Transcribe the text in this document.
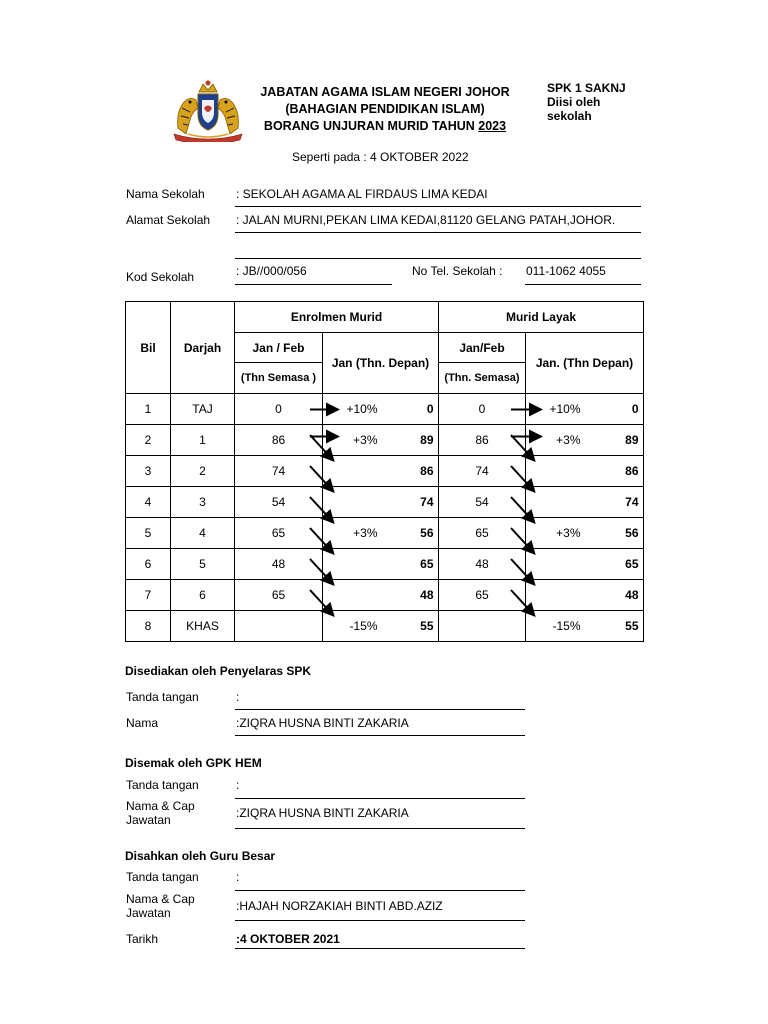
JABATAN AGAMA ISLAM NEGERI JOHOR
(BAHAGIAN PENDIDIKAN ISLAM)
BORANG UNJURAN MURID TAHUN 2023
SPK 1 SAKNJ
Diisi oleh
sekolah
Seperti pada : 4 OKTOBER 2022
Nama Sekolah	: SEKOLAH AGAMA AL FIRDAUS LIMA KEDAI
Alamat Sekolah : JALAN MURNI,PEKAN LIMA KEDAI,81120 GELANG PATAH,JOHOR.
Kod Sekolah	: JB//000/056	No Tel. Sekolah : 011-1062 4055
Bil	Darjah	Enrolmen Murid		Murid Layak	
		Jan / Feb	Jan (Thn. Depan)	Jan/Feb	Jan. (Thn Depan)
		(Thn Semasa )		(Thn. Semasa)	
1	TAJ	0	+10% 0	0	+10% 0
2	1	86	+3% 89	86	+3% 89
3	2	74	86	74	86
4	3	54	74	54	74
5	4	65	+3% 56	65	+3% 56
6	5	48	65	48	65
7	6	65	48	65	48
8	KHAS		-15% 55		-15% 55
Disediakan oleh Penyelaras SPK
Tanda tangan	:
Nama	:ZIQRA HUSNA BINTI ZAKARIA
Disemak oleh GPK HEM
Tanda tangan	:
Nama & Cap
Jawatan	:ZIQRA HUSNA BINTI ZAKARIA
Disahkan oleh Guru Besar
Tanda tangan	:
Nama & Cap
Jawatan	:HAJAH NORZAKIAH BINTI ABD.AZIZ
Tarikh	:4 OKTOBER 2021
